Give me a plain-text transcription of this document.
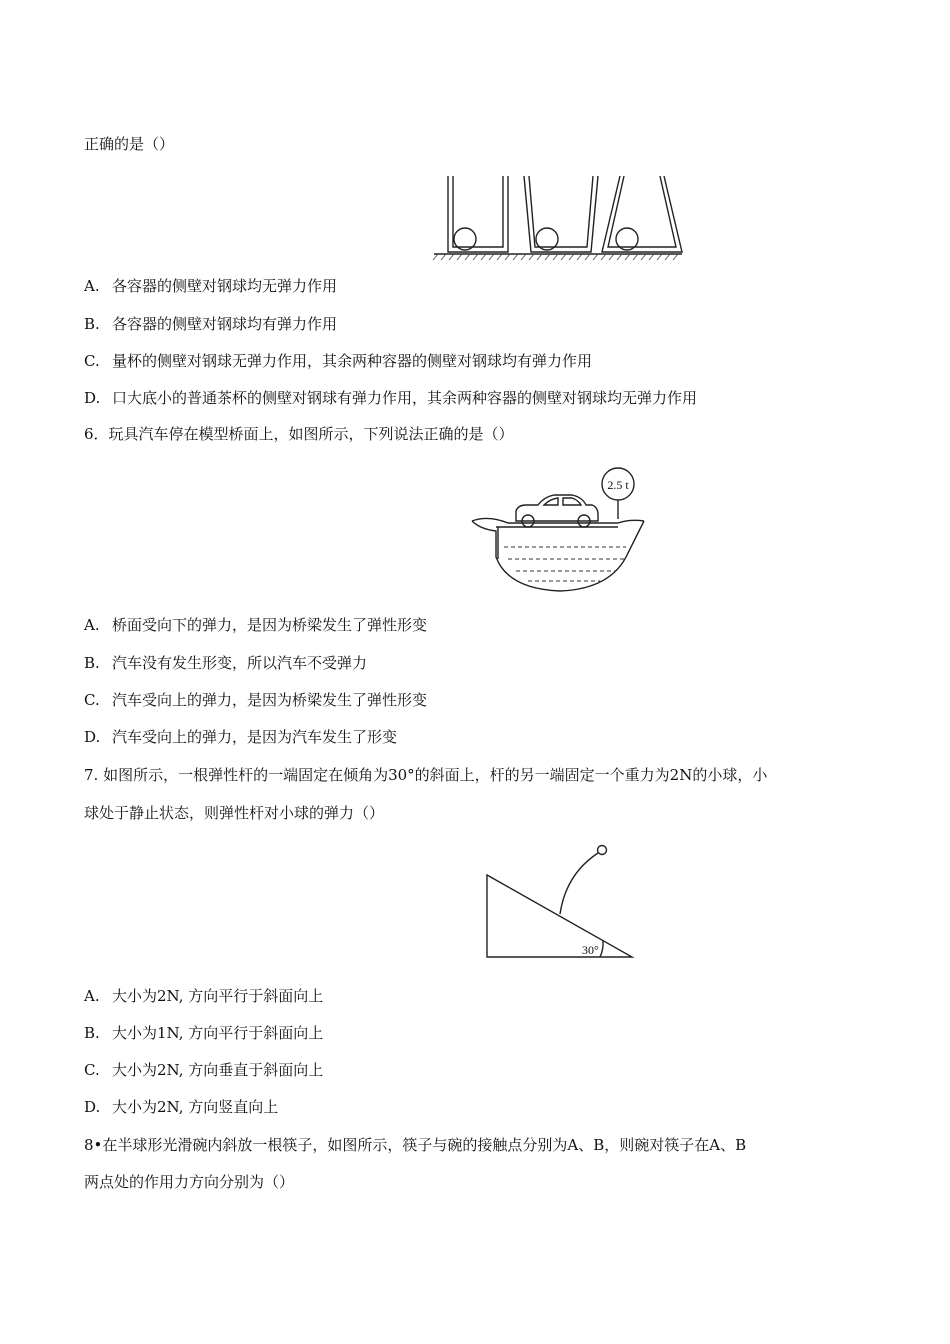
正确的是（）
A. 各容器的侧壁对钢球均无弹力作用
B. 各容器的侧壁对钢球均有弹力作用
C. 量杯的侧壁对钢球无弹力作用，其余两种容器的侧壁对钢球均有弹力作用
D. 口大底小的普通茶杯的侧壁对钢球有弹力作用，其余两种容器的侧壁对钢球均无弹力作用
6．玩具汽车停在模型桥面上，如图所示，下列说法正确的是（）
2.5 t
A. 桥面受向下的弹力，是因为桥梁发生了弹性形变
B. 汽车没有发生形变，所以汽车不受弹力
C. 汽车受向上的弹力，是因为桥梁发生了弹性形变
D. 汽车受向上的弹力，是因为汽车发生了形变
7. 如图所示，一根弹性杆的一端固定在倾角为30°的斜面上，杆的另一端固定一个重力为2N的小球，小
球处于静止状态，则弹性杆对小球的弹力（）
30°
A. 大小为2N, 方向平行于斜面向上
B. 大小为1N, 方向平行于斜面向上
C. 大小为2N, 方向垂直于斜面向上
D. 大小为2N, 方向竖直向上
8•在半球形光滑碗内斜放一根筷子，如图所示，筷子与碗的接触点分别为A、B，则碗对筷子在A、B
两点处的作用力方向分别为（）
